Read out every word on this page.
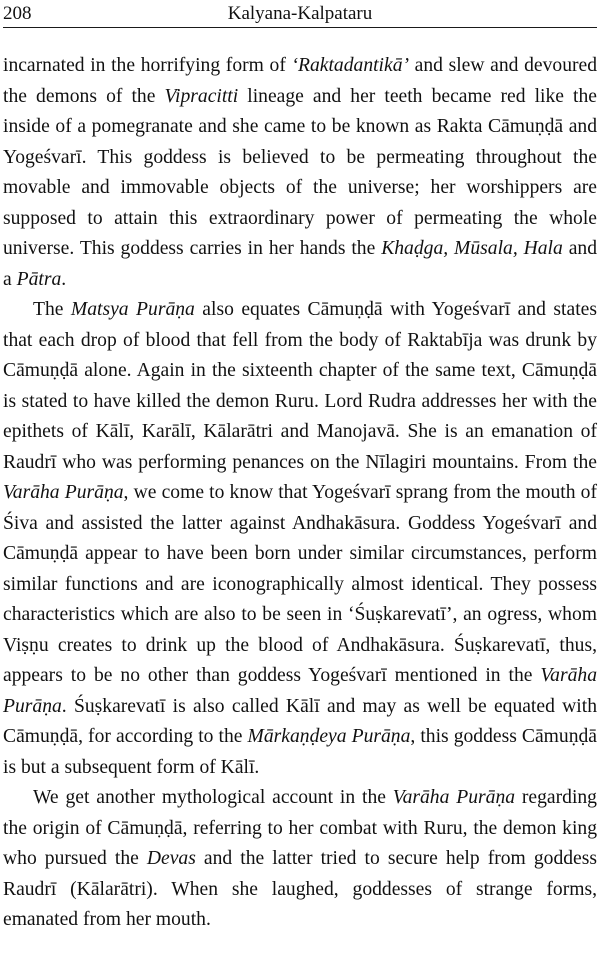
208	Kalyana-Kalpataru

incarnated in the horrifying form of ‘Raktadantikā’ and slew and devoured the demons of the Vipracitti lineage and her teeth became red like the inside of a pomegranate and she came to be known as Rakta Cāmuṇḍā and Yogeśvarī. This goddess is believed to be permeating throughout the movable and immovable objects of the universe; her worshippers are supposed to attain this extraordinary power of permeating the whole universe. This goddess carries in her hands the Khaḍga, Mūsala, Hala and a Pātra.

The Matsya Purāṇa also equates Cāmuṇḍā with Yogeśvarī and states that each drop of blood that fell from the body of Raktabīja was drunk by Cāmuṇḍā alone. Again in the sixteenth chapter of the same text, Cāmuṇḍā is stated to have killed the demon Ruru. Lord Rudra addresses her with the epithets of Kālī, Karālī, Kālarātri and Manojavā. She is an emanation of Raudrī who was performing penances on the Nīlagiri mountains. From the Varāha Purāṇa, we come to know that Yogeśvarī sprang from the mouth of Śiva and assisted the latter against Andhakāsura. Goddess Yogeśvarī and Cāmuṇḍā appear to have been born under similar circumstances, perform similar functions and are iconographically almost identical. They possess characteristics which are also to be seen in ‘Śuṣkarevatī’, an ogress, whom Viṣṇu creates to drink up the blood of Andhakāsura. Śuṣkarevatī, thus, appears to be no other than goddess Yogeśvarī mentioned in the Varāha Purāṇa. Śuṣkarevatī is also called Kālī and may as well be equated with Cāmuṇḍā, for according to the Mārkaṇḍeya Purāṇa, this goddess Cāmuṇḍā is but a subsequent form of Kālī.

We get another mythological account in the Varāha Purāṇa regarding the origin of Cāmuṇḍā, referring to her combat with Ruru, the demon king who pursued the Devas and the latter tried to secure help from goddess Raudrī (Kālarātri). When she laughed, goddesses of strange forms, emanated from her mouth.
